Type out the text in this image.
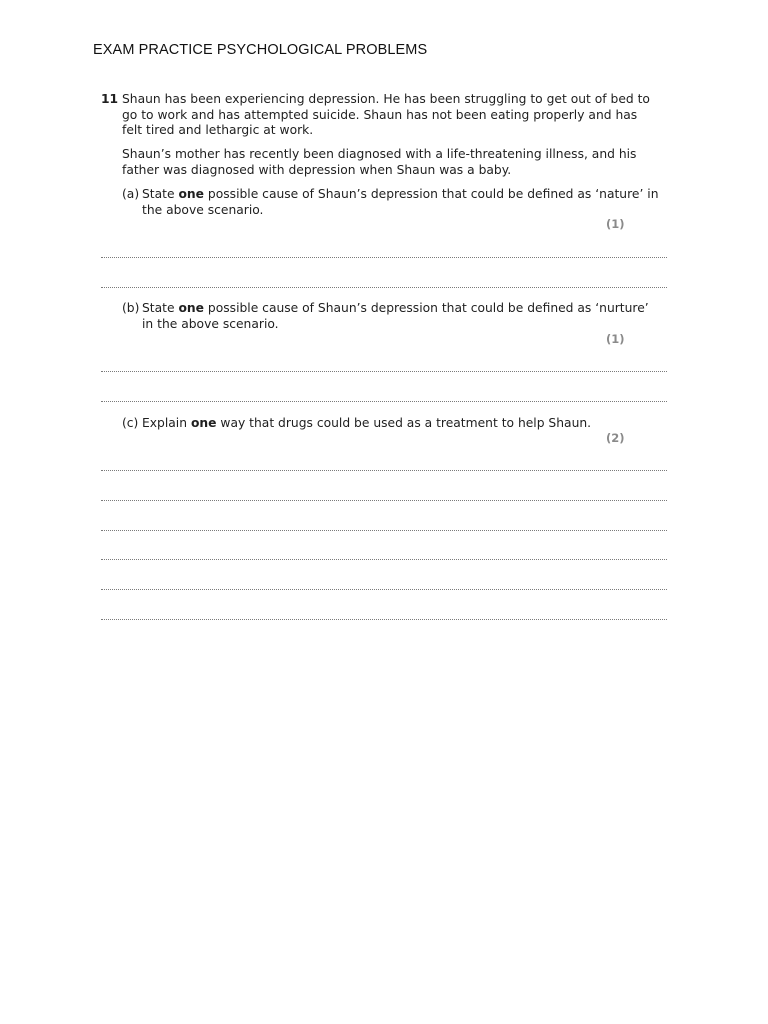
EXAM PRACTICE PSYCHOLOGICAL PROBLEMS
11 Shaun has been experiencing depression. He has been struggling to get out of bed to
go to work and has attempted suicide. Shaun has not been eating properly and has
felt tired and lethargic at work.
Shaun’s mother has recently been diagnosed with a life-threatening illness, and his
father was diagnosed with depression when Shaun was a baby.
(a) State one possible cause of Shaun’s depression that could be defined as ‘nature’ in
the above scenario.
(1)
(b) State one possible cause of Shaun’s depression that could be defined as ‘nurture’
in the above scenario.
(1)
(c) Explain one way that drugs could be used as a treatment to help Shaun.
(2)
